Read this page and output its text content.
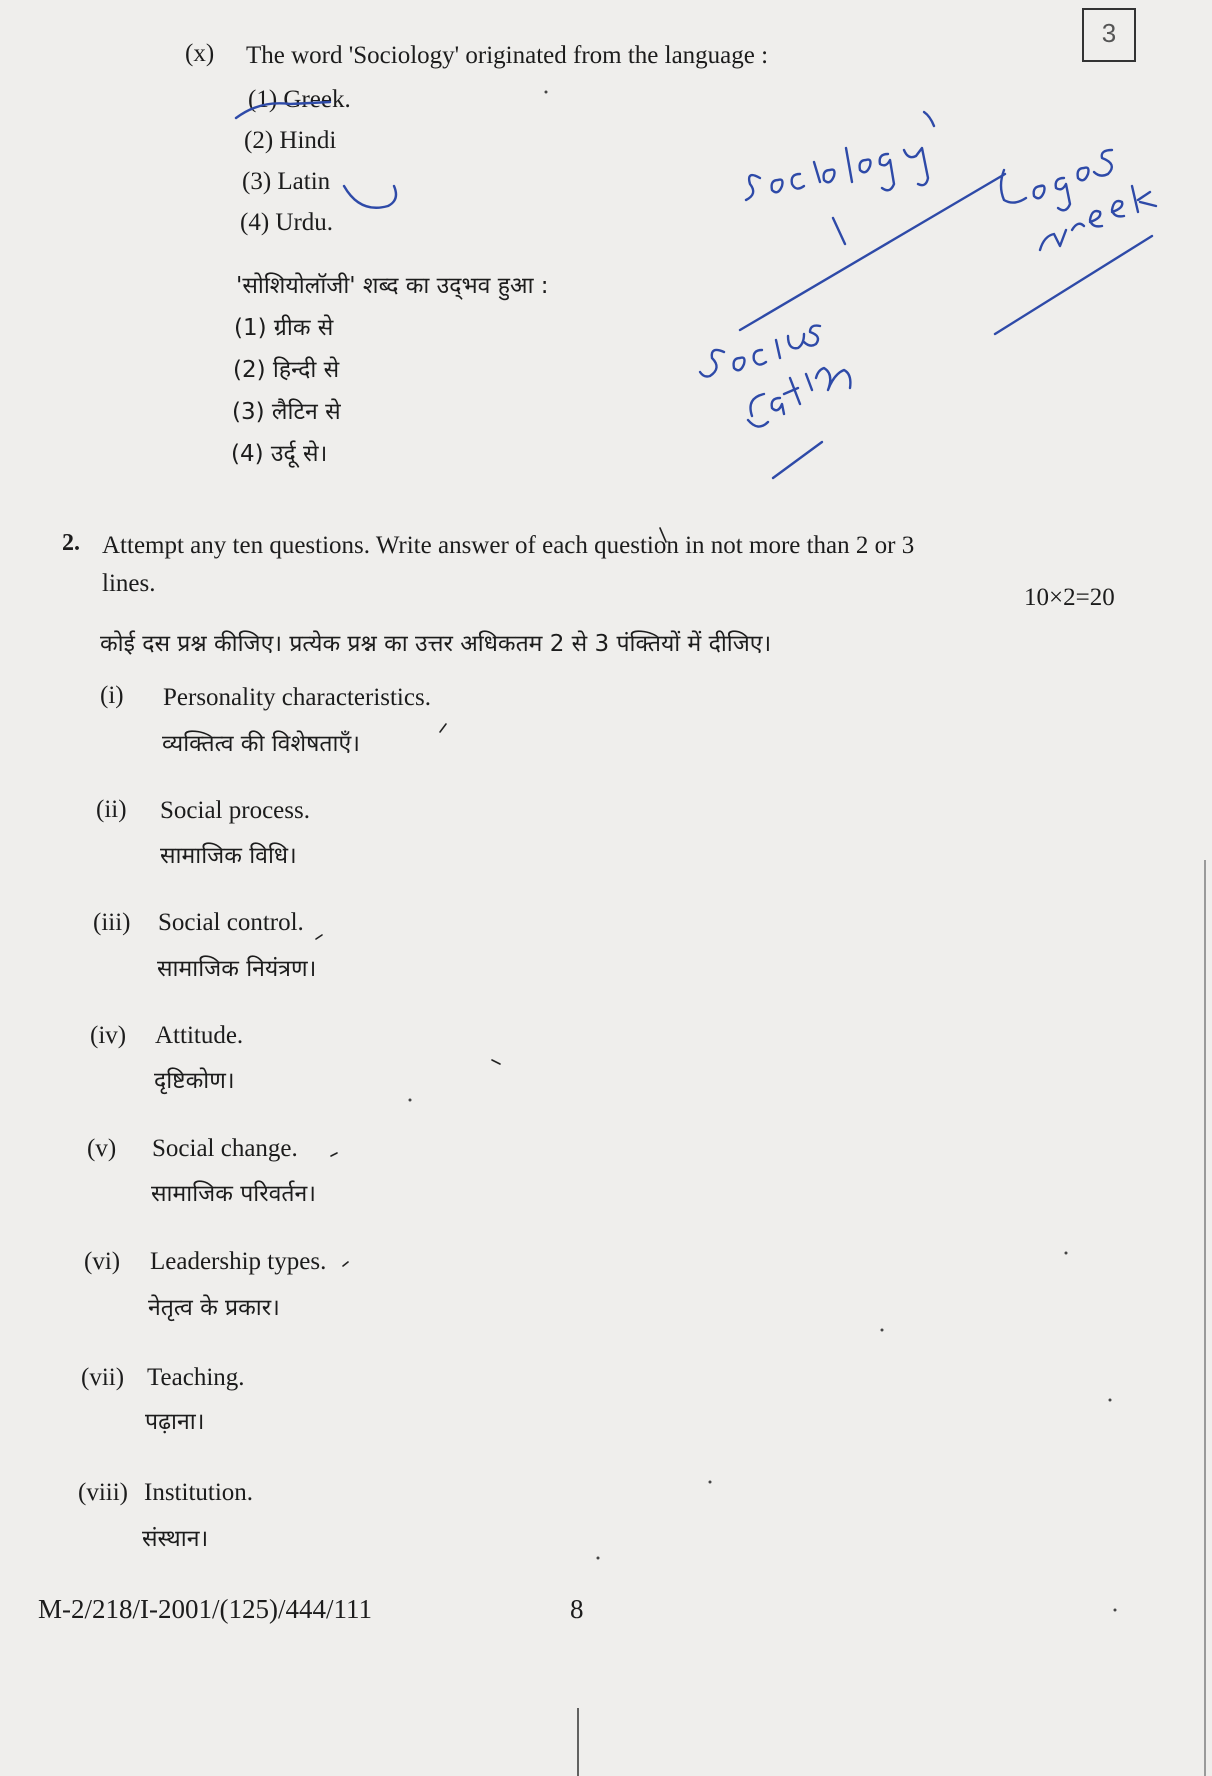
3
(x) The word 'Sociology' originated from the language :
(1) Greek.
(2) Hindi
(3) Latin
(4) Urdu.
'सोशियोलॉजी' शब्द का उद्‌भव हुआ :
(1) ग्रीक से
(2) हिन्दी से
(3) लैटिन से
(4) उर्दू से।
2. Attempt any ten questions. Write answer of each question in not more than 2 or 3
lines.
10×2=20
कोई दस प्रश्न कीजिए। प्रत्येक प्रश्न का उत्तर अधिकतम 2 से 3 पंक्तियों में दीजिए।
(i) Personality characteristics.
व्यक्तित्व की विशेषताएँ।
(ii) Social process.
सामाजिक विधि।
(iii) Social control.
सामाजिक नियंत्रण।
(iv) Attitude.
दृष्टिकोण।
(v) Social change.
सामाजिक परिवर्तन।
(vi) Leadership types.
नेतृत्व के प्रकार।
(vii) Teaching.
पढ़ाना।
(viii) Institution.
संस्थान।
M-2/218/I-2001/(125)/444/111	8
